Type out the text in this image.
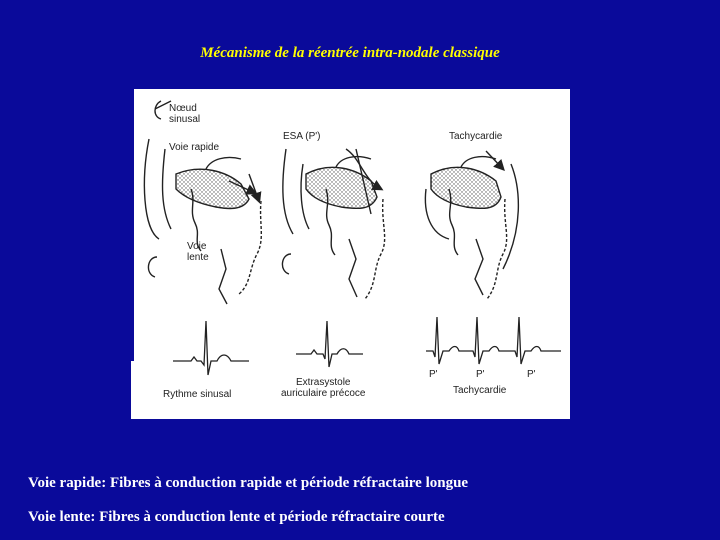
Mécanisme de la réentrée intra-nodale classique
Nœud
sinusal
Voie rapide
Voie
lente
ESA (P')	Tachycardie
Rythme sinusal
Extrasystole
auriculaire précoce
P'	P'	P'
Tachycardie
Voie rapide: Fibres à conduction rapide et période réfractaire longue
Voie lente: Fibres à conduction lente et période réfractaire courte
